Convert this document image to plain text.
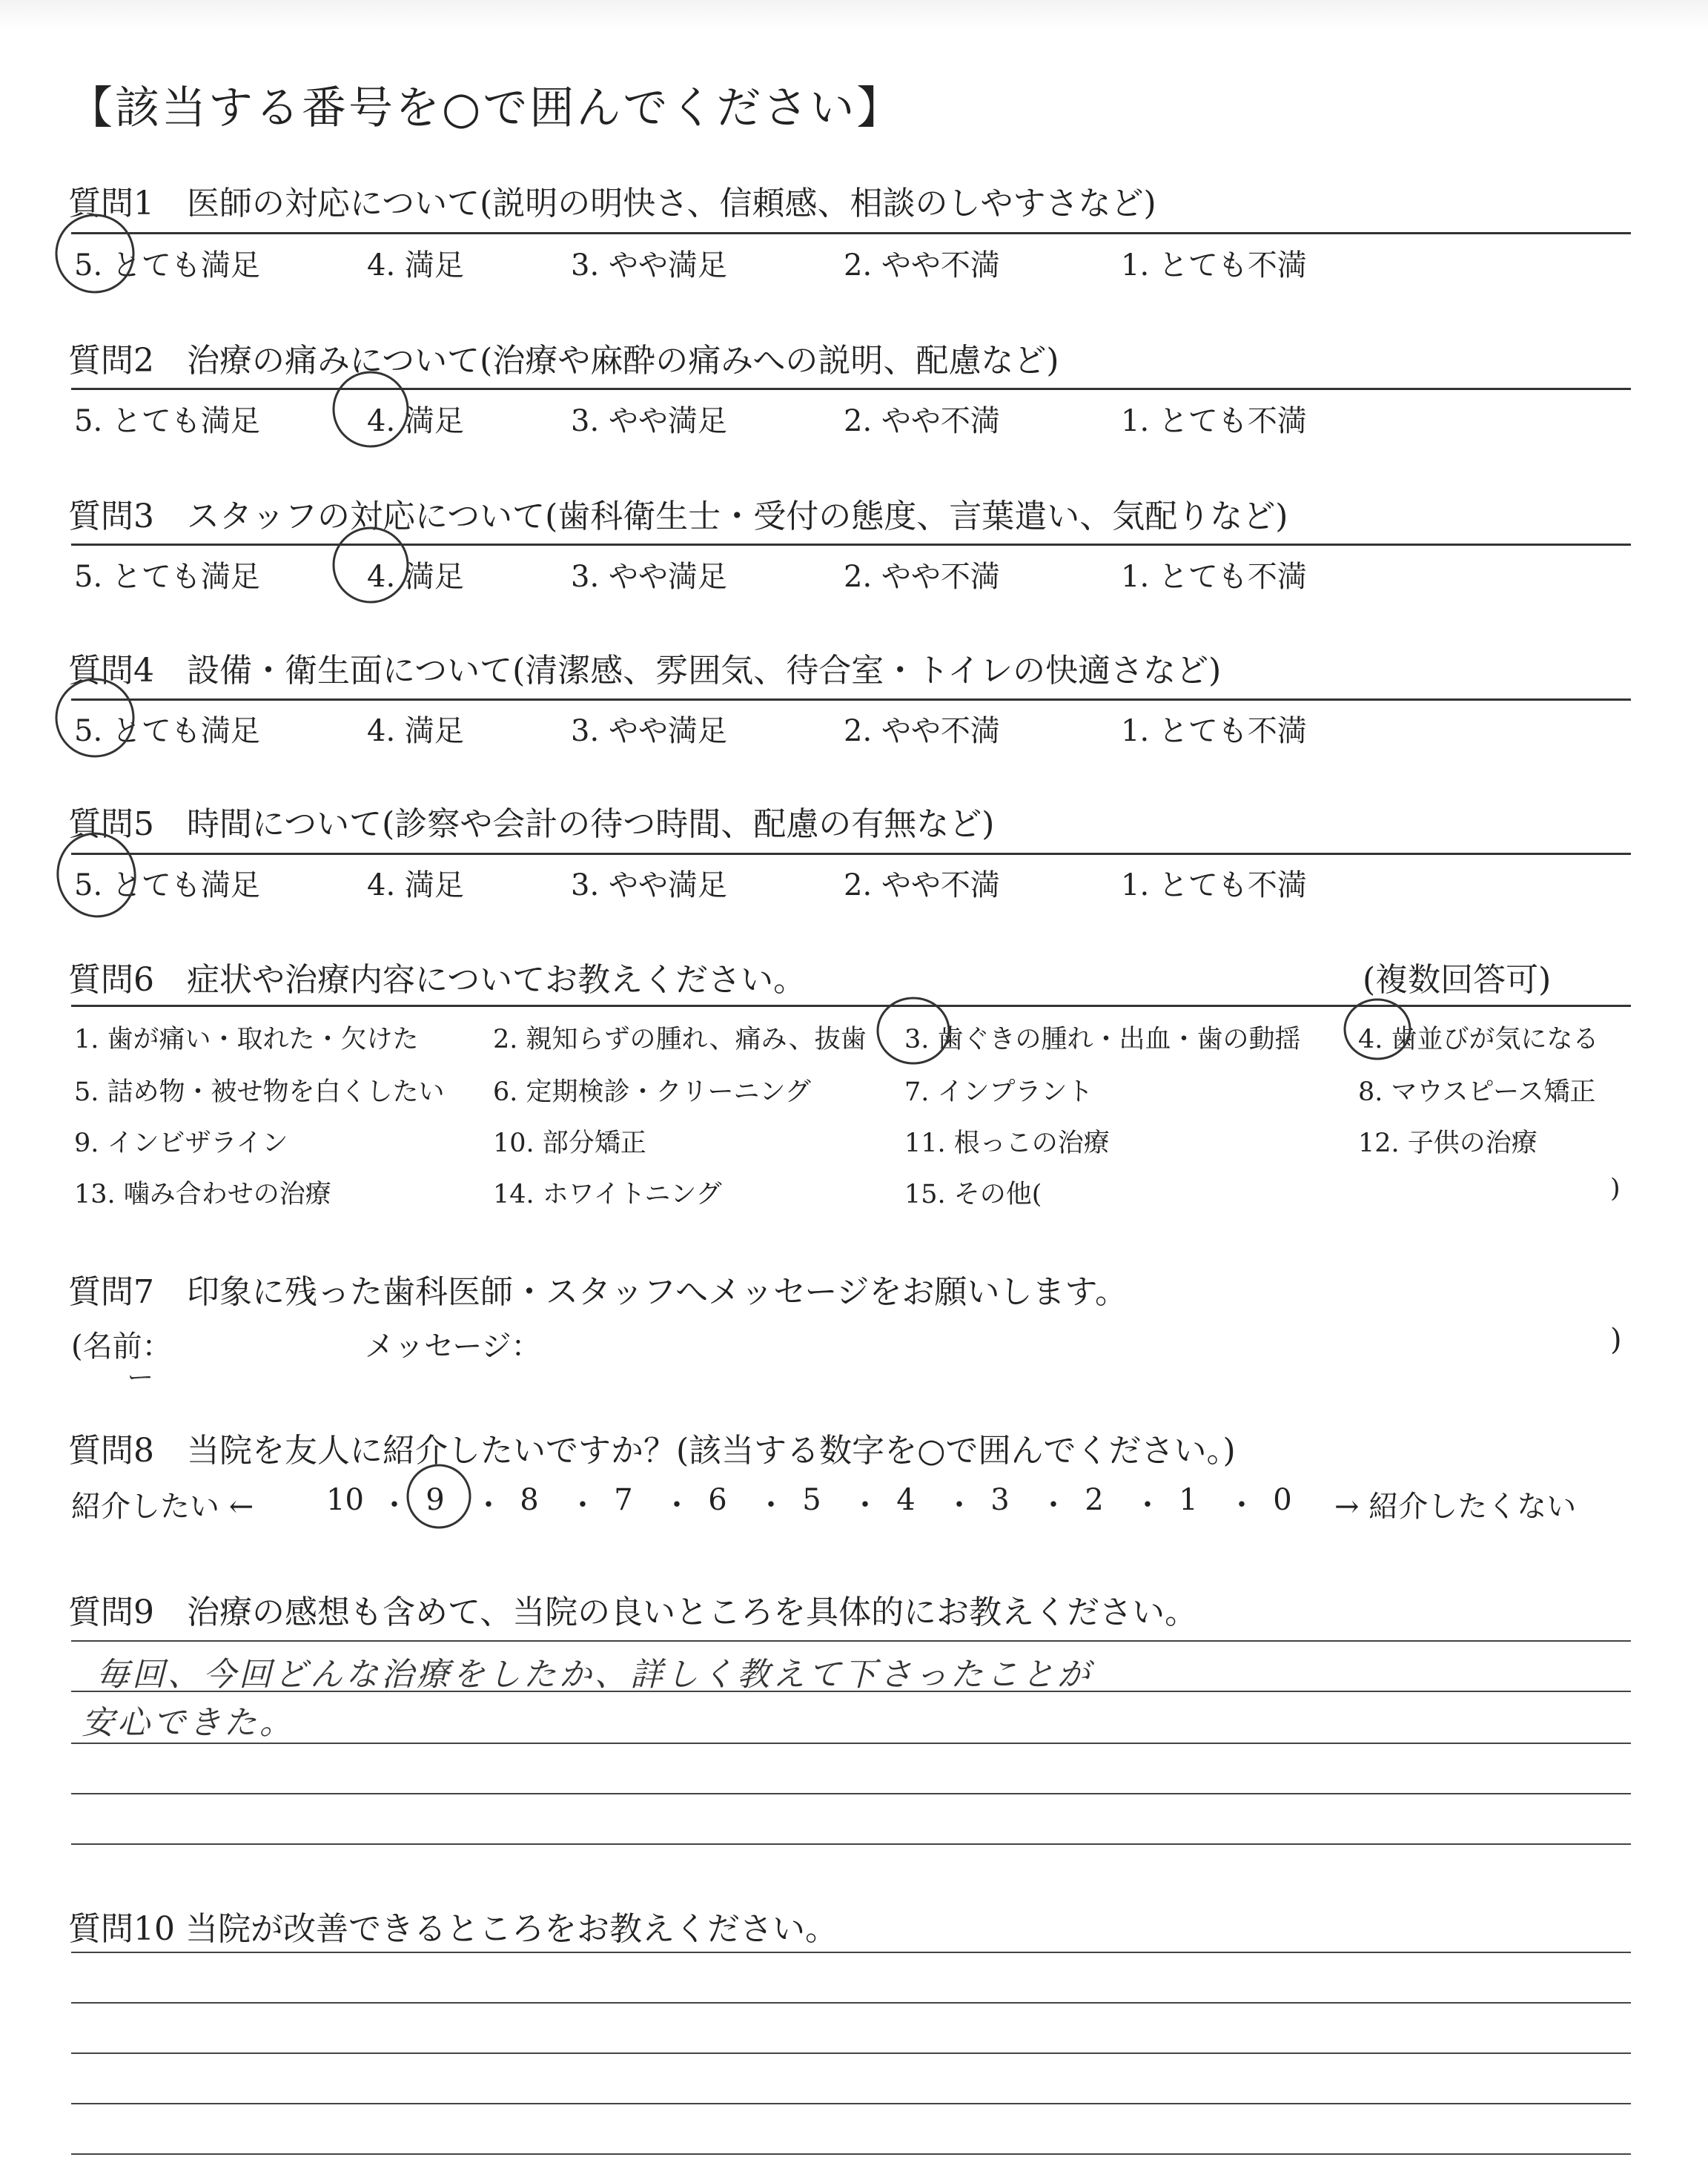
【該当する番号を○で囲んでください】
質問1　医師の対応について(説明の明快さ、信頼感、相談のしやすさなど)
5. とても満足	4. 満足	3. やや満足	2. やや不満	1. とても不満
質問2　治療の痛みについて(治療や麻酔の痛みへの説明、配慮など)
5. とても満足	4. 満足	3. やや満足	2. やや不満	1. とても不満
質問3　スタッフの対応について(歯科衛生士・受付の態度、言葉遣い、気配りなど)
5. とても満足	4. 満足	3. やや満足	2. やや不満	1. とても不満
質問4　設備・衛生面について(清潔感、雰囲気、待合室・トイレの快適さなど)
5. とても満足	4. 満足	3. やや満足	2. やや不満	1. とても不満
質問5　時間について(診察や会計の待つ時間、配慮の有無など)
5. とても満足	4. 満足	3. やや満足	2. やや不満	1. とても不満
質問6　症状や治療内容についてお教えください。	(複数回答可)
1. 歯が痛い・取れた・欠けた	2. 親知らずの腫れ、痛み、抜歯 3. 歯ぐきの腫れ・出血・歯の動揺 4. 歯並びが気になる
5. 詰め物・被せ物を白くしたい 6. 定期検診・クリーニング	7. インプラント	8. マウスピース矯正
9. インビザライン	10. 部分矯正	11. 根っこの治療	12. 子供の治療
13. 噛み合わせの治療	14. ホワイトニング	15. その他(	)
質問7　印象に残った歯科医師・スタッフへメッセージをお願いします。
(名前：	メッセージ：	)
ー
質問8　当院を友人に紹介したいですか？(該当する数字を○で囲んでください。)
紹介したい ←	→ 紹介したくない
10 ・ 9 ・ 8 ・ 7 ・ 6 ・ 5 ・ 4 ・ 3 ・ 2 ・ 1 ・ 0
質問9　治療の感想も含めて、当院の良いところを具体的にお教えください。
毎回、今回どんな治療をしたか、詳しく教えて下さったことが
安心できた。
質問10 当院が改善できるところをお教えください。
